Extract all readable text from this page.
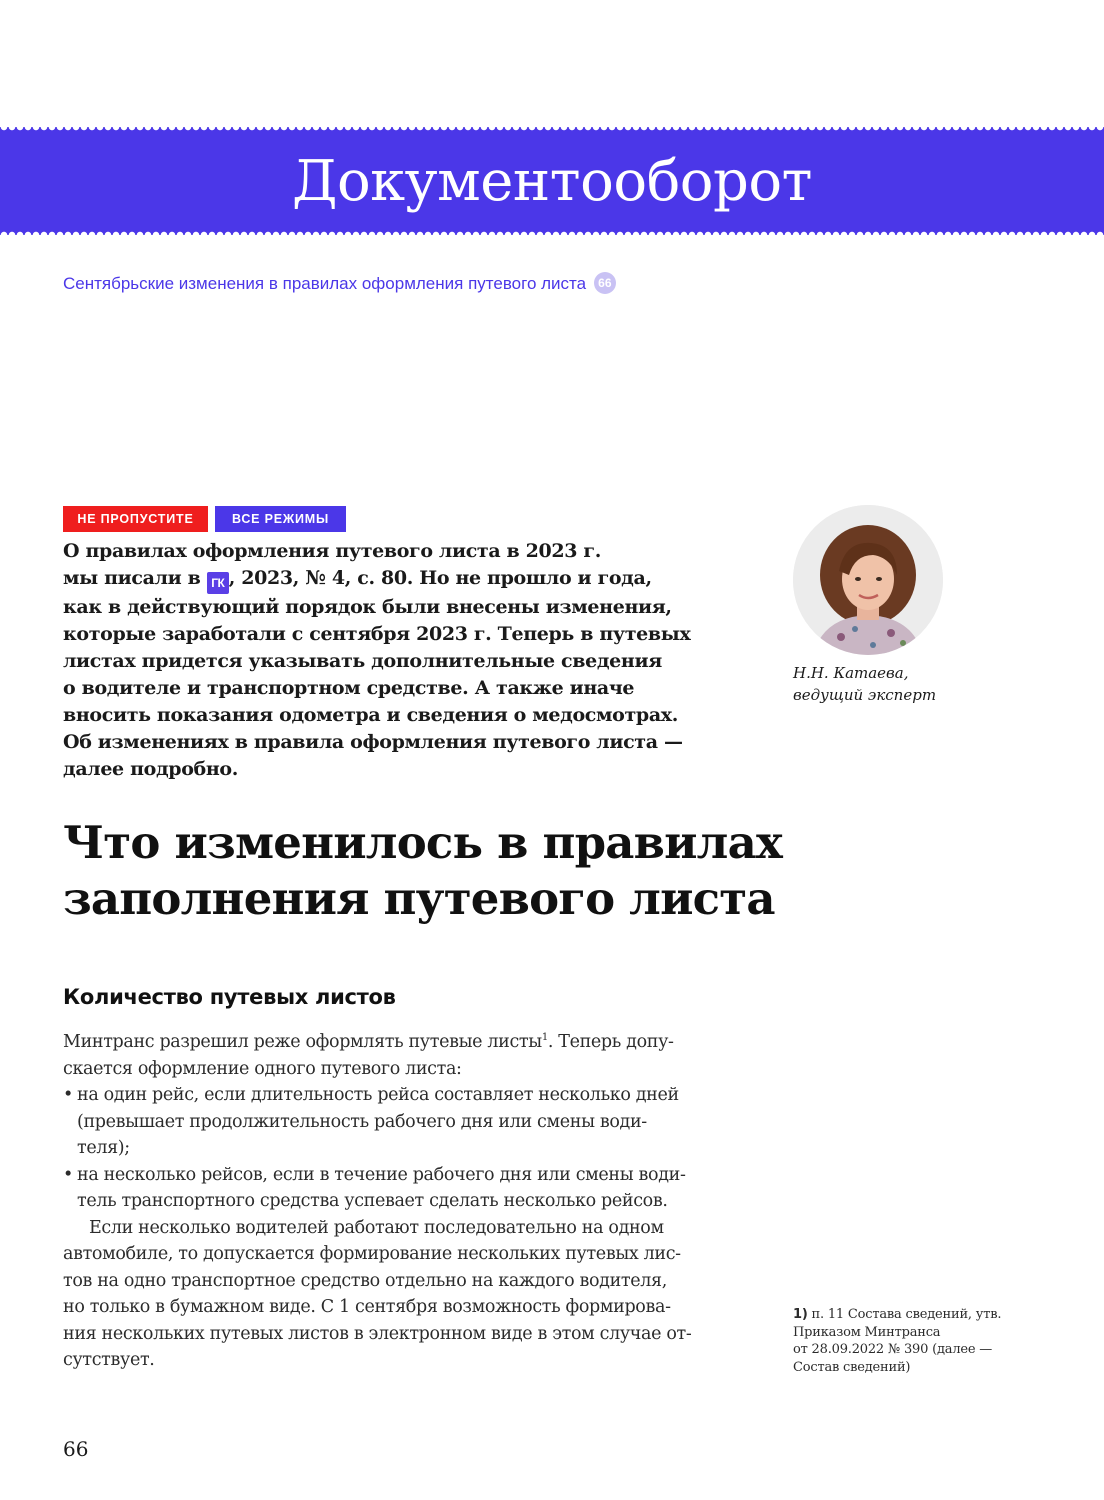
Документооборот
Сентябрьские изменения в правилах оформления путевого листа 66
НЕ ПРОПУСТИТЕ	ВСЕ РЕЖИМЫ
О правилах оформления путевого листа в 2023 г.
мы писали в ГК , 2023, № 4, с. 80. Но не прошло и года,
как в действующий порядок были внесены изменения,
которые заработали с сентября 2023 г. Теперь в путевых
листах придется указывать дополнительные сведения
о водителе и транспортном средстве. А также иначе
вносить показания одометра и сведения о медосмотрах.
Об изменениях в правила оформления путевого листа —
далее подробно.
Н.Н. Катаева,
ведущий эксперт
Что изменилось в правилах
заполнения путевого листа
Количество путевых листов
Минтранс разрешил реже оформлять путевые листы$^1$. Теперь допу-
скается оформление одного путевого листа:
• на один рейс, если длительность рейса составляет несколько дней
(превышает продолжительность рабочего дня или смены води-
теля);
• на несколько рейсов, если в течение рабочего дня или смены води-
тель транспортного средства успевает сделать несколько рейсов.
Если несколько водителей работают последовательно на одном
автомобиле, то допускается формирование нескольких путевых лис-
тов на одно транспортное средство отдельно на каждого водителя,
но только в бумажном виде. С 1 сентября возможность формирова-
ния нескольких путевых листов в электронном виде в этом случае от-
сутствует.
1) п. 11 Состава сведений, утв.
Приказом Минтранса
от 28.09.2022 № 390 (далее —
Состав сведений)
66
